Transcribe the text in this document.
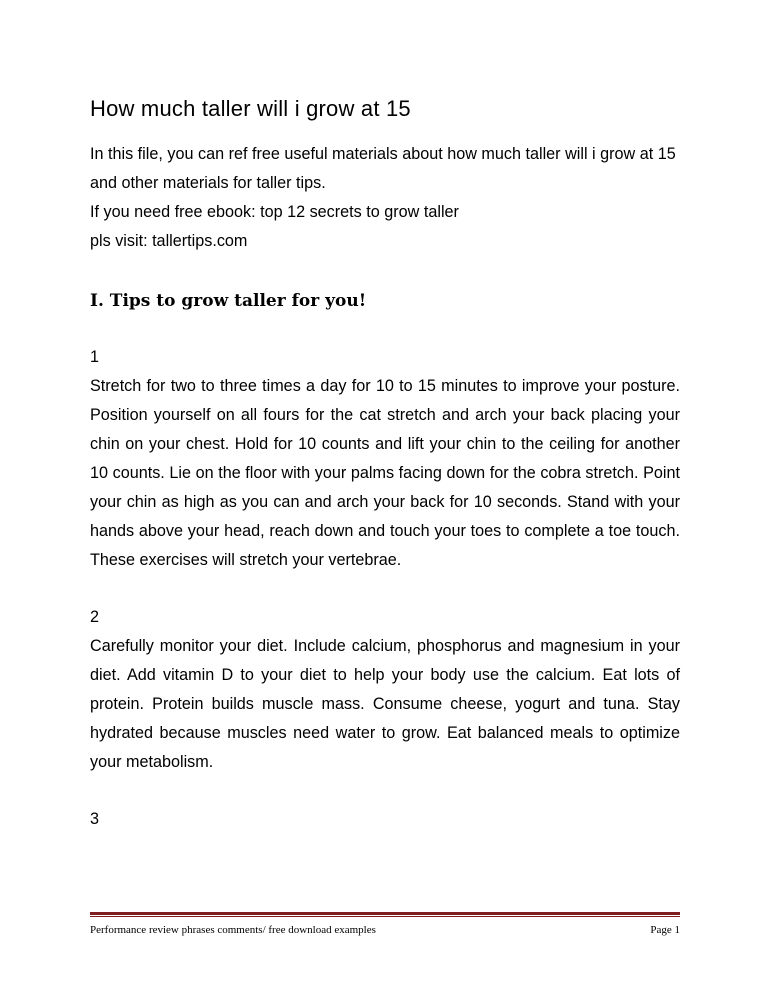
How much taller will i grow at 15

In this file, you can ref free useful materials about how much taller will i grow at 15 and other materials for taller tips.

If you need free ebook: top 12 secrets to grow taller

pls visit: tallertips.com

I. Tips to grow taller for you!

1

Stretch for two to three times a day for 10 to 15 minutes to improve your posture. Position yourself on all fours for the cat stretch and arch your back placing your chin on your chest. Hold for 10 counts and lift your chin to the ceiling for another 10 counts. Lie on the floor with your palms facing down for the cobra stretch. Point your chin as high as you can and arch your back for 10 seconds. Stand with your hands above your head, reach down and touch your toes to complete a toe touch. These exercises will stretch your vertebrae.

2

Carefully monitor your diet. Include calcium, phosphorus and magnesium in your diet. Add vitamin D to your diet to help your body use the calcium. Eat lots of protein. Protein builds muscle mass. Consume cheese, yogurt and tuna. Stay hydrated because muscles need water to grow. Eat balanced meals to optimize your metabolism.

3

Performance review phrases comments/ free download examples	Page 1
